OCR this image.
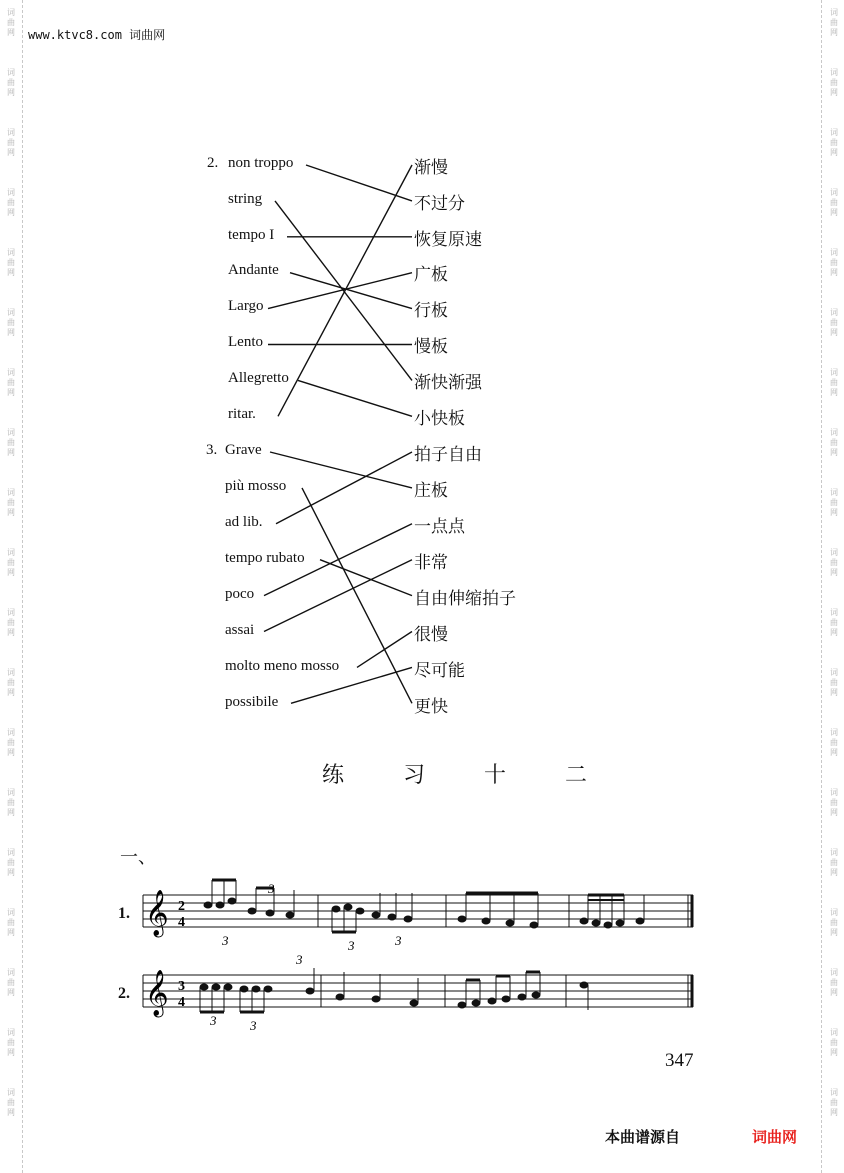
词
曲
网
词
曲
网
词
曲
网
词
曲
网
词
曲
网
词
曲
网
词
曲
网
词
曲
网
词
曲
网
词
曲
网
词
曲
网
词
曲
网
词
曲
网
词
曲
网
词
曲
网
词
曲
网
词
曲
网
词
曲
网
词
曲
网
词
曲
网
词
曲
网
词
曲
网
词
曲
网
词
曲
网
词
曲
网
词
曲
网
词
曲
网
词
曲
网
词
曲
网
词
曲
网
词
曲
网
词
曲
网
词
曲
网
词
曲
网
词
曲
网
词
曲
网
词
曲
网
词
曲
网
www.ktvc8.com 词曲网
2. non troppo
string
tempo I
Andante
Largo
Lento
Allegretto
ritar.
渐慢
不过分
恢复原速
广板
行板
慢板
渐快渐强
小快板
3. Grave
più mosso
ad lib.
tempo rubato
poco
assai
molto meno mosso
possibile
拍子自由
庄板
一点点
非常
自由伸缩拍子
很慢
尽可能
更快
练 习 十 二
一、
1.
2.
𝄞 2
4
3
3
3	3
𝄞 3
4
3	3
3
347
本曲谱源自	词曲网
